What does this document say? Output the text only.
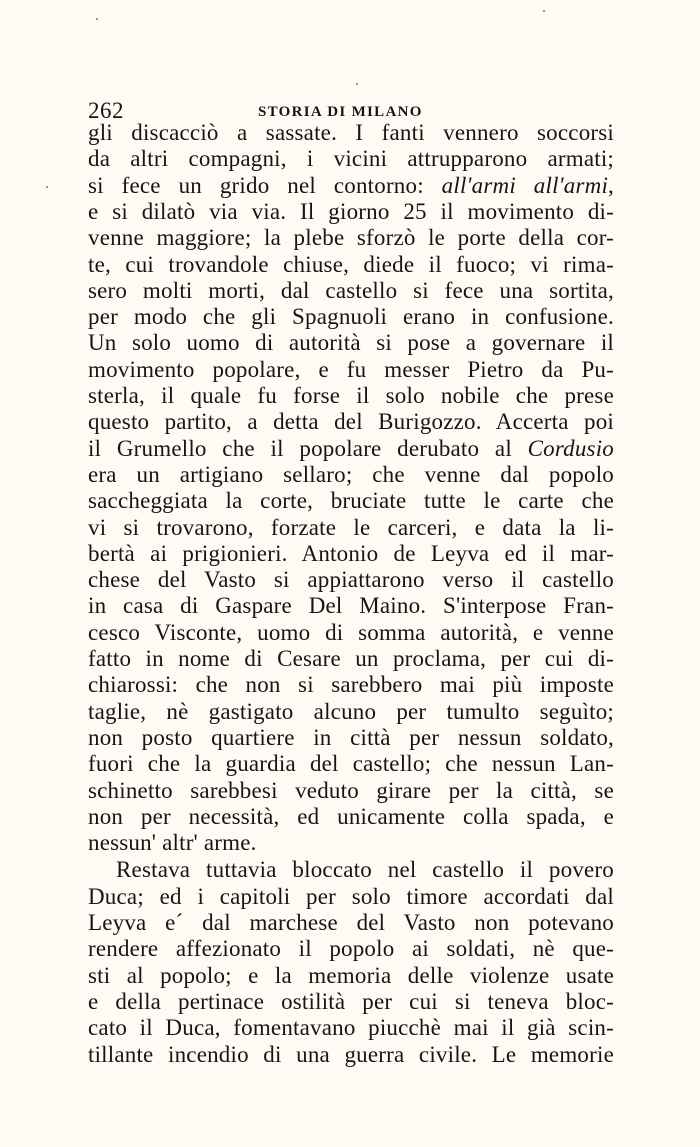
262	STORIA DI MILANO
gli discacciò a sassate. I fanti vennero soccorsi
da altri compagni, i vicini attrupparono armati;
si fece un grido nel contorno: all'armi all'armi,
e si dilatò via via. Il giorno 25 il movimento di-
venne maggiore; la plebe sforzò le porte della cor-
te, cui trovandole chiuse, diede il fuoco; vi rima-
sero molti morti, dal castello si fece una sortita,
per modo che gli Spagnuoli erano in confusione.
Un solo uomo di autorità si pose a governare il
movimento popolare, e fu messer Pietro da Pu-
sterla, il quale fu forse il solo nobile che prese
questo partito, a detta del Burigozzo. Accerta poi
il Grumello che il popolare derubato al Cordusio
era un artigiano sellaro; che venne dal popolo
saccheggiata la corte, bruciate tutte le carte che
vi si trovarono, forzate le carceri, e data la li-
bertà ai prigionieri. Antonio de Leyva ed il mar-
chese del Vasto si appiattarono verso il castello
in casa di Gaspare Del Maino. S'interpose Fran-
cesco Visconte, uomo di somma autorità, e venne
fatto in nome di Cesare un proclama, per cui di-
chiarossi: che non si sarebbero mai più imposte
taglie, nè gastigato alcuno per tumulto seguìto;
non posto quartiere in città per nessun soldato,
fuori che la guardia del castello; che nessun Lan-
schinetto sarebbesi veduto girare per la città, se
non per necessità, ed unicamente colla spada, e
nessun' altr' arme.
Restava tuttavia bloccato nel castello il povero
Duca; ed i capitoli per solo timore accordati dal
Leyva e´ dal marchese del Vasto non potevano
rendere affezionato il popolo ai soldati, nè que-
sti al popolo; e la memoria delle violenze usate
e della pertinace ostilità per cui si teneva bloc-
cato il Duca, fomentavano piucchè mai il già scin-
tillante incendio di una guerra civile. Le memorie
